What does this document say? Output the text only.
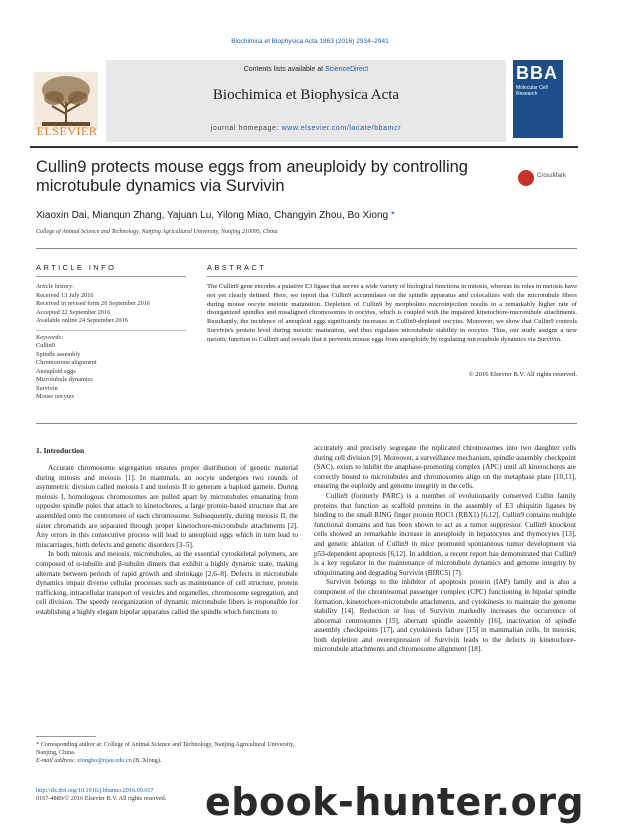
Biochimica et Biophysica Acta 1863 (2016) 2934–2941
ELSEVIER
Contents lists available at ScienceDirect
Biochimica et Biophysica Acta
journal homepage: www.elsevier.com/locate/bbamcr
BBA
Molecular Cell Research
Cullin9 protects mouse eggs from aneuploidy by controlling microtubule dynamics via Survivin
CrossMark
Xiaoxin Dai, Mianqun Zhang, Yajuan Lu, Yilong Miao, Changyin Zhou, Bo Xiong *
College of Animal Science and Technology, Nanjing Agricultural University, Nanjing 210095, China
ARTICLE INFO
Article history:
Received 13 July 2016
Received in revised form 20 September 2016
Accepted 22 September 2016
Available online 24 September 2016
Keywords:
Cullin9
Spindle assembly
Chromosome alignment
Aneuploid eggs
Microtubule dynamics
Survivin
Mouse oocytes
ABSTRACT
The Cullin9 gene encodes a putative E3 ligase that serves a wide variety of biological functions in mitosis, whereas its roles in meiosis have not yet clearly defined. Here, we report that Cullin9 accumulates on the spindle apparatus and colocalizes with the microtubule fibers during mouse oocyte meiotic maturation. Depletion of Cullin9 by morpholino microinjection results in a remarkably higher rate of disorganized spindles and misaligned chromosomes in oocytes, which is coupled with the impaired kinetochore-microtubule attachments. Resultantly, the incidence of aneuploid eggs significantly increases in Cullin9-depleted oocytes. Moreover, we show that Cullin9 controls Survivin's protein level during meiotic maturation, and thus regulates microtubule stability in oocytes. Thus, our study assigns a new meiotic function to Cullin9 and reveals that it prevents mouse eggs from aneuploidy by regulating microtubule dynamics via Survivin.
© 2016 Elsevier B.V. All rights reserved.
1. Introduction

Accurate chromosome segregation ensures proper distribution of genetic material during mitosis and meiosis [1]. In mammals, an oocyte undergoes two rounds of asymmetric division called meiosis I and meiosis II to generate a haploid gamete. During meiosis I, homologous chromosomes are pulled apart by microtubules emanating from opposite spindle poles that attach to kinetochores, a large protein-based structure that are assembled onto the centromere of each chromosome. Subsequently, during meiosis II, the sister chromatids are separated through proper kinetochore-microtubule attachments [2]. Any errors in this consecutive process will lead to aneuploid eggs which in turn lead to miscarriages, birth defects and genetic disorders [3–5].

In both mitosis and meiosis, microtubules, as the essential cytoskeletal polymers, are composed of α-tubulin and β-tubulin dimers that exhibit a highly dynamic state, making alternate between periods of rapid growth and shrinkage [2,6–8]. Defects in microtubule dynamics impair diverse cellular processes such as maintenance of cell structure, protein trafficking, intracellular transport of vesicles and organelles, chromosome segregation, and cell division. The speedy reorganization of dynamic microtubule fibers is responsible for establishing a highly elegant bipolar apparatus called the spindle which functions to

accurately and precisely segregate the replicated chromosomes into two daughter cells during cell division [9]. Moreover, a surveillance mechanism, spindle assembly checkpoint (SAC), exists to inhibit the anaphase-promoting complex (APC) until all kinetochores are correctly bound to microtubules and chromosomes align on the metaphase plate [10,11], ensuring the euploidy and genome integrity in the cells.

Cullin9 (formerly PARC) is a member of evolutionarily conserved Cullin family proteins that function as scaffold proteins in the assembly of E3 ubiquitin ligases by binding to the small RING finger protein ROC1 (RBX1) [6,12]. Cullin9 contains multiple functional domains and has been shown to act as a tumor suppressor. Cullin9 knockout cells showed an remarkable increase in aneuploidy in hepatocytes and thymocytes [13], and genetic ablation of Cullin9 in mice promoted spontaneous tumor development via p53-dependent apoptosis [6,12]. In addition, a recent report has demonstrated that Cullin9 is a key regulator in the maintenance of microtubule dynamics and genome integrity by ubiquitinating and degrading Survivin (BIRC5) [7].

Survivin belongs to the inhibitor of apoptosis protein (IAP) family and is also a component of the chromosomal passenger complex (CPC) functioning in bipolar spindle formation, kinetochore-microtubule attachments, and cytokinesis to maintain the genome stability [14]. Reduction or loss of Survivin markedly increases the occurrence of abnormal centrosomes [15], aberrant spindle assembly [16], inactivation of spindle assembly checkpoints [17], and cytokinesis failure [15] in mammalian cells. In meiosis, both depletion and overexpression of Survivin leads to the defects in kinetochore-microtubule attachments and chromosome alignment [18].

* Corresponding author at: College of Animal Science and Technology, Nanjing Agricultural University, Nanjing, China.
E-mail address: xiongbo@njau.edu.cn (B. Xiong).
http://dx.doi.org/10.1016/j.bbamcr.2016.09.017
0167-4889/© 2016 Elsevier B.V. All rights reserved.	ebook-hunter.org
